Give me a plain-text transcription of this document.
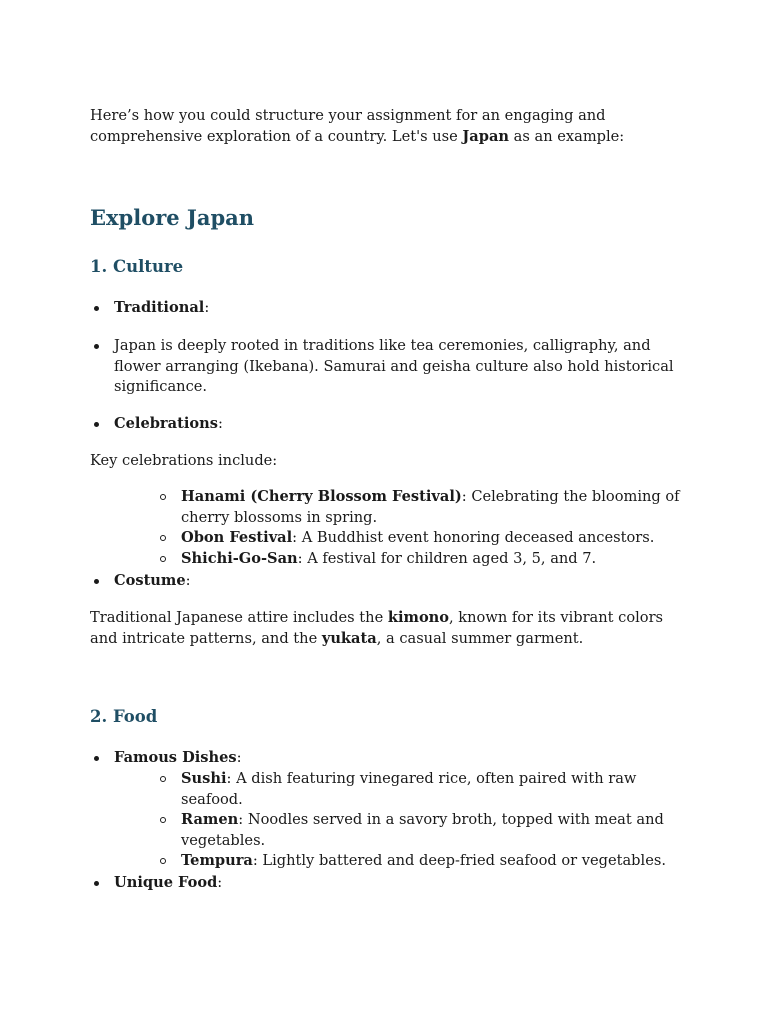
Here’s how you could structure your assignment for an engaging and comprehensive exploration of a country. Let's use Japan as an example:

Explore Japan
1. Culture

Traditional:

Japan is deeply rooted in traditions like tea ceremonies, calligraphy, and flower arranging (Ikebana). Samurai and geisha culture also hold historical significance.

Celebrations:

Key celebrations include:

Hanami (Cherry Blossom Festival): Celebrating the blooming of cherry blossoms in spring.

Obon Festival: A Buddhist event honoring deceased ancestors.

Shichi-Go-San: A festival for children aged 3, 5, and 7.

Costume:

Traditional Japanese attire includes the kimono, known for its vibrant colors and intricate patterns, and the yukata, a casual summer garment.

2. Food

Famous Dishes:

Sushi: A dish featuring vinegared rice, often paired with raw seafood.

Ramen: Noodles served in a savory broth, topped with meat and vegetables.

Tempura: Lightly battered and deep-fried seafood or vegetables.

Unique Food:
